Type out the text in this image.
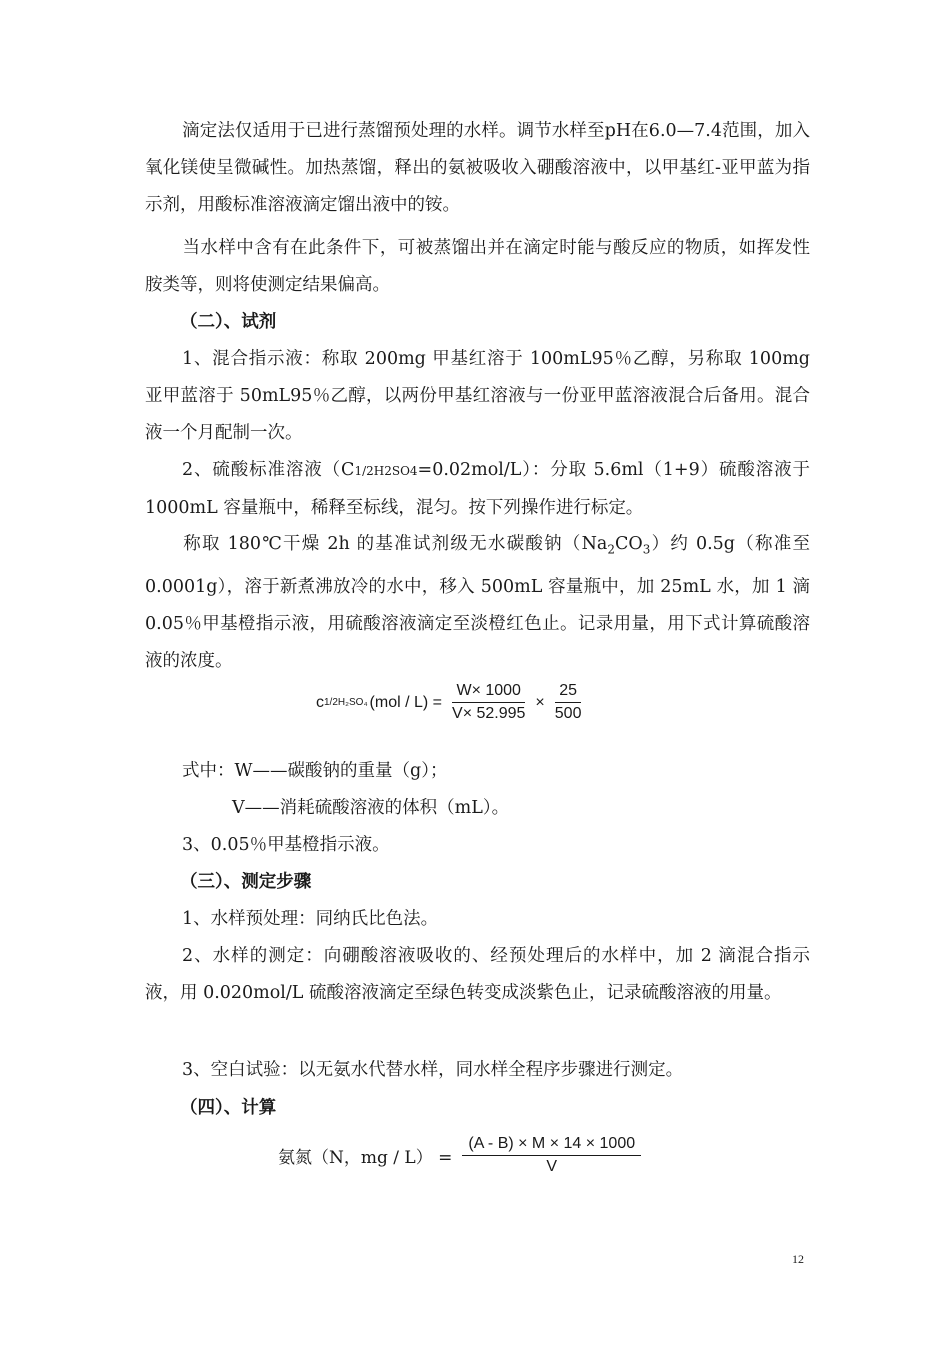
滴定法仅适用于已进行蒸馏预处理的水样。调节水样至pH在6.0—7.4范围，加入氧化镁使呈微碱性。加热蒸馏，释出的氨被吸收入硼酸溶液中，以甲基红-亚甲蓝为指示剂，用酸标准溶液滴定馏出液中的铵。

当水样中含有在此条件下，可被蒸馏出并在滴定时能与酸反应的物质，如挥发性胺类等，则将使测定结果偏高。

（二）、试剂

1、混合指示液：称取 200mg 甲基红溶于 100mL95％乙醇，另称取 100mg 亚甲蓝溶于 50mL95％乙醇，以两份甲基红溶液与一份亚甲蓝溶液混合后备用。混合液一个月配制一次。

2、硫酸标准溶液（C1/2H2SO4=0.02mol/L）：分取 5.6ml（1+9）硫酸溶液于 1000mL 容量瓶中，稀释至标线，混匀。按下列操作进行标定。

称取 180℃干燥 2h 的基准试剂级无水碳酸钠$(Na_2CO_3)$约 0.5g（称准至 0.0001g），溶于新煮沸放冷的水中，移入 500mL 容量瓶中，加 25mL 水，加 1 滴 0.05％甲基橙指示液，用硫酸溶液滴定至淡橙红色止。记录用量，用下式计算硫酸溶液的浓度。

c 1/2H₂SO₄ $(mol / L) = \frac{W\times 1000}{V\times 52.995} \times \frac{25}{500}$

式中：W——碳酸钠的重量（g）；

V——消耗硫酸溶液的体积（mL）。

3、0.05％甲基橙指示液。

（三）、测定步骤

1、水样预处理：同纳氏比色法。

2、水样的测定：向硼酸溶液吸收的、经预处理后的水样中，加 2 滴混合指示液，用 0.020mol/L 硫酸溶液滴定至绿色转变成淡紫色止，记录硫酸溶液的用量。

3、空白试验：以无氨水代替水样，同水样全程序步骤进行测定。

（四）、计算

氨氮（N，mg / $L) = \frac{(A - B) \times M \times 14 \times 1000}{V}$
12
